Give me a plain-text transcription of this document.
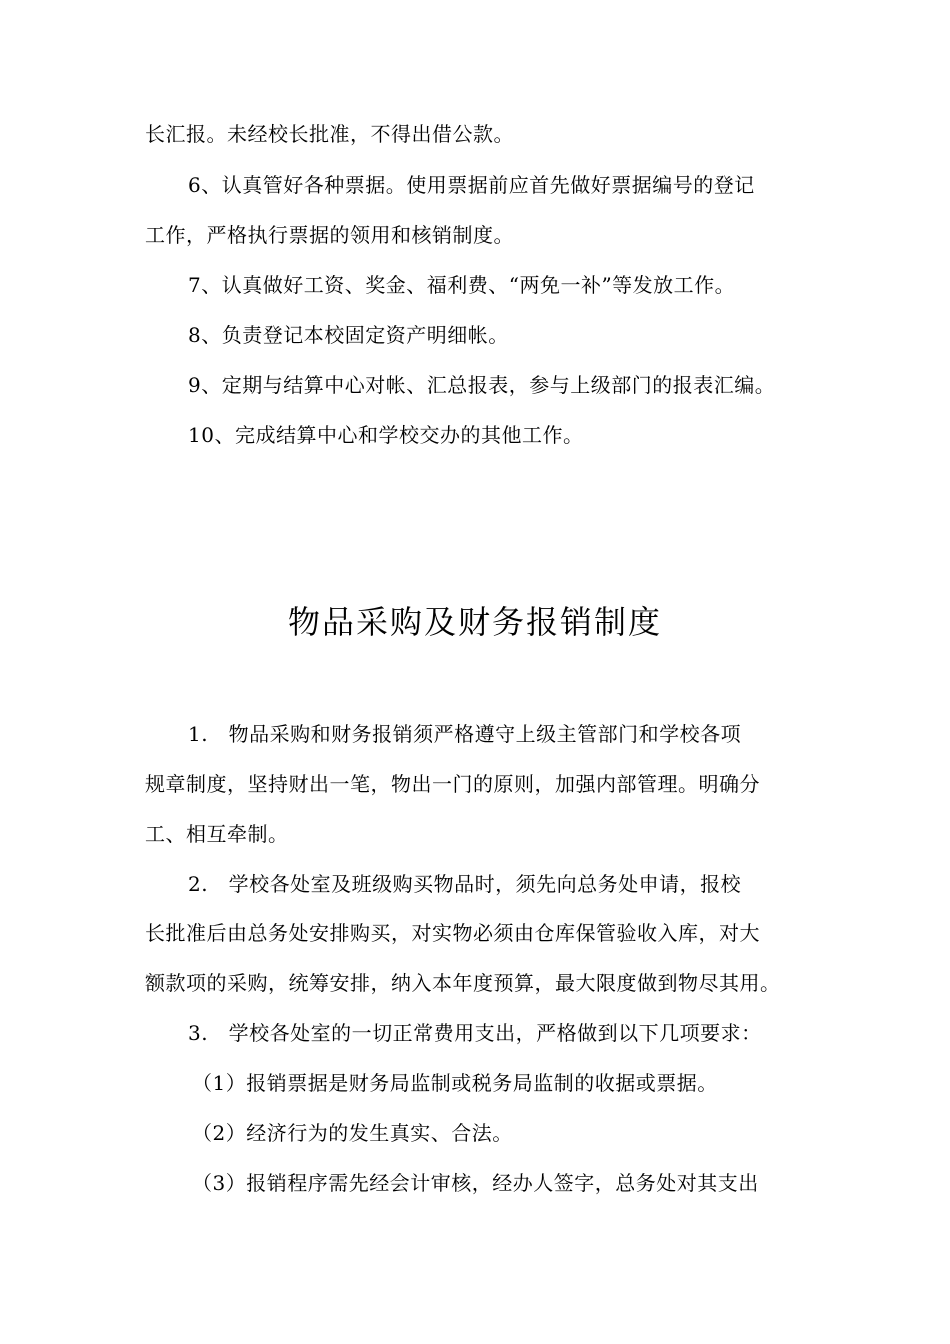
长汇报。未经校长批准，不得出借公款。
6、认真管好各种票据。使用票据前应首先做好票据编号的登记
工作，严格执行票据的领用和核销制度。
7、认真做好工资、奖金、福利费、“两免一补”等发放工作。
8、负责登记本校固定资产明细帐。
9、定期与结算中心对帐、汇总报表，参与上级部门的报表汇编。
10、完成结算中心和学校交办的其他工作。
物品采购及财务报销制度
1.　物品采购和财务报销须严格遵守上级主管部门和学校各项
规章制度，坚持财出一笔，物出一门的原则，加强内部管理。明确分
工、相互牵制。
2.　学校各处室及班级购买物品时，须先向总务处申请，报校
长批准后由总务处安排购买，对实物必须由仓库保管验收入库，对大
额款项的采购，统筹安排，纳入本年度预算，最大限度做到物尽其用。
3.　学校各处室的一切正常费用支出，严格做到以下几项要求：
（1）报销票据是财务局监制或税务局监制的收据或票据。
（2）经济行为的发生真实、合法。
（3）报销程序需先经会计审核，经办人签字，总务处对其支出
